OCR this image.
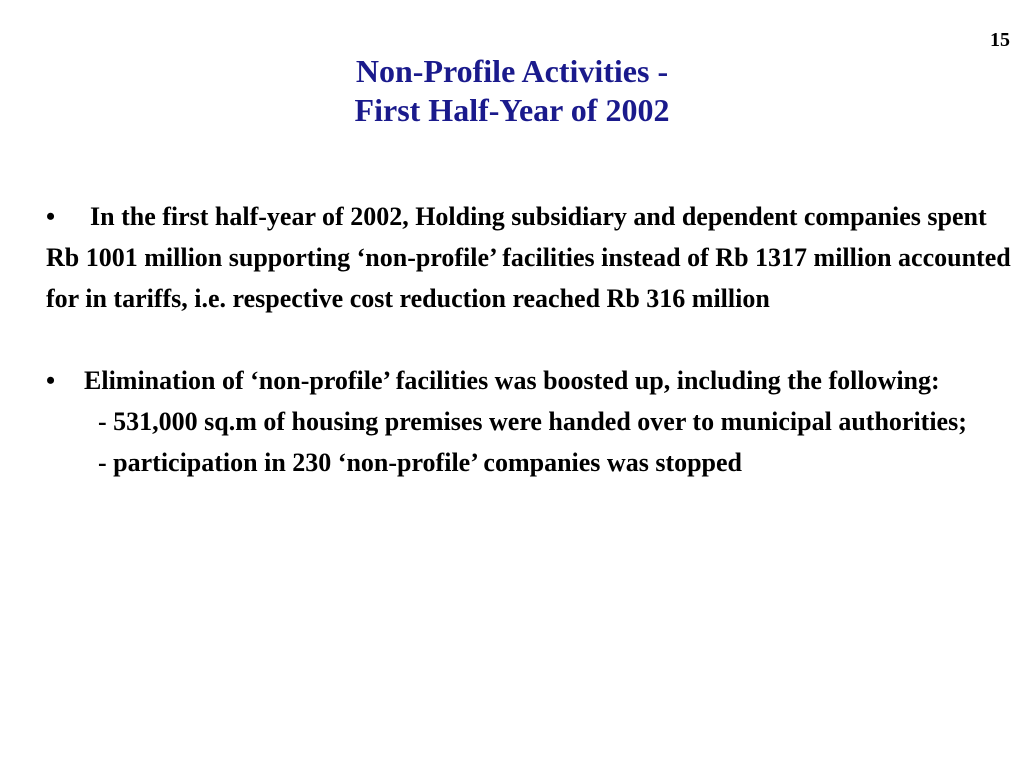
15
Non-Profile Activities -
First Half-Year of 2002

• In the first half-year of 2002, Holding subsidiary and dependent companies spent Rb 1001 million supporting ‘non-profile’ facilities instead of Rb 1317 million accounted for in tariffs, i.e. respective cost reduction reached Rb 316 million

• Elimination of ‘non-profile’ facilities was boosted up, including the following:

- 531,000 sq.m of housing premises were handed over to municipal authorities;

- participation in 230 ‘non-profile’ companies was stopped
